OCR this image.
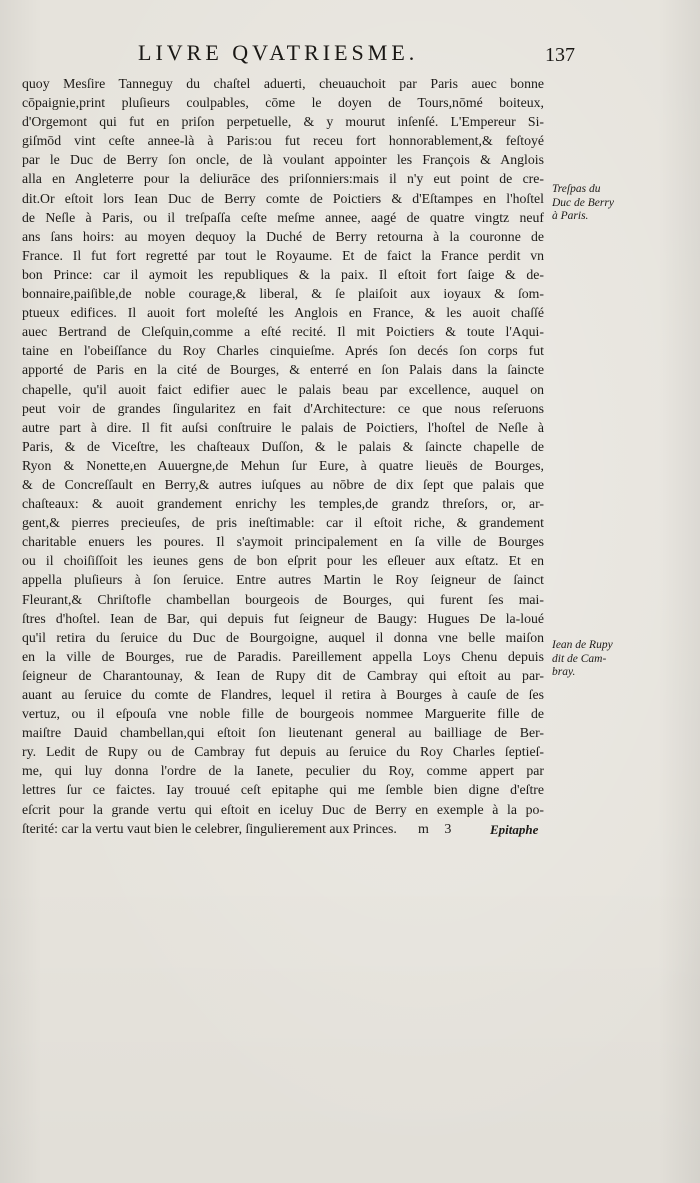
LIVRE QVATRIESME.	137
quoy Mesſire Tanneguy du chaſtel aduerti, cheuauchoit par Paris auec bonne
cōpaignie,print pluſieurs coulpables, cōme le doyen de Tours,nōmé boiteux,
d'Orgemont qui fut en priſon perpetuelle, & y mourut inſenſé. L'Empereur Si-
giſmōd vint ceſte annee-là à Paris:ou fut receu fort honnorablement,& feſtoyé
par le Duc de Berry ſon oncle, de là voulant appointer les François & Anglois
alla en Angleterre pour la deliurāce des priſonniers:mais il n'y eut point de cre-
dit.Or eſtoit lors Iean Duc de Berry comte de Poictiers & d'Eſtampes en l'hoſtel
de Neſle à Paris, ou il treſpaſſa ceſte meſme annee, aagé de quatre vingtz neuf
ans ſans hoirs: au moyen dequoy la Duché de Berry retourna à la couronne de
France. Il fut fort regretté par tout le Royaume. Et de faict la France perdit vn
bon Prince: car il aymoit les republiques & la paix. Il eſtoit fort ſaige & de-
bonnaire,paiſible,de noble courage,& liberal, & ſe plaiſoit aux ioyaux & ſom-
ptueux edifices. Il auoit fort moleſté les Anglois en France, & les auoit chaſſé
auec Bertrand de Cleſquin,comme a eſté recité. Il mit Poictiers & toute l'Aqui-
taine en l'obeiſſance du Roy Charles cinquieſme. Aprés ſon decés ſon corps fut
apporté de Paris en la cité de Bourges, & enterré en ſon Palais dans la ſaincte
chapelle, qu'il auoit faict edifier auec le palais beau par excellence, auquel on
peut voir de grandes ſingularitez en fait d'Architecture: ce que nous reſeruons
autre part à dire. Il fit auſsi conſtruire le palais de Poictiers, l'hoſtel de Neſle à
Paris, & de Viceſtre, les chaſteaux Duſſon, & le palais & ſaincte chapelle de
Ryon & Nonette,en Auuergne,de Mehun ſur Eure, à quatre lieuës de Bourges,
& de Concreſſault en Berry,& autres iuſques au nōbre de dix ſept que palais que
chaſteaux: & auoit grandement enrichy les temples,de grandz threſors, or, ar-
gent,& pierres precieuſes, de pris ineſtimable: car il eſtoit riche, & grandement
charitable enuers les poures. Il s'aymoit principalement en ſa ville de Bourges
ou il choiſiſſoit les ieunes gens de bon eſprit pour les eſleuer aux eſtatz. Et en
appella pluſieurs à ſon ſeruice. Entre autres Martin le Roy ſeigneur de ſainct
Fleurant,& Chriſtofle chambellan bourgeois de Bourges, qui furent ſes mai-
ſtres d'hoſtel. Iean de Bar, qui depuis fut ſeigneur de Baugy: Hugues De la-loué
qu'il retira du ſeruice du Duc de Bourgoigne, auquel il donna vne belle maiſon
en la ville de Bourges, rue de Paradis. Pareillement appella Loys Chenu depuis
ſeigneur de Charantounay, & Iean de Rupy dit de Cambray qui eſtoit au par-
auant au ſeruice du comte de Flandres, lequel il retira à Bourges à cauſe de ſes
vertuz, ou il eſpouſa vne noble fille de bourgeois nommee Marguerite fille de
maiſtre Dauid chambellan,qui eſtoit ſon lieutenant general au bailliage de Ber-
ry. Ledit de Rupy ou de Cambray fut depuis au ſeruice du Roy Charles ſeptieſ-
me, qui luy donna l'ordre de la Ianete, peculier du Roy, comme appert par
lettres ſur ce faictes. Iay trouué ceſt epitaphe qui me ſemble bien digne d'eſtre
eſcrit pour la grande vertu qui eſtoit en iceluy Duc de Berry en exemple à la po-
ſterité: car la vertu vaut bien le celebrer, ſingulierement aux Princes.
Treſpas du
Duc de Berry
à Paris.
Iean de Rupy
dit de Cam-
bray.
m 3	Epitaphe
